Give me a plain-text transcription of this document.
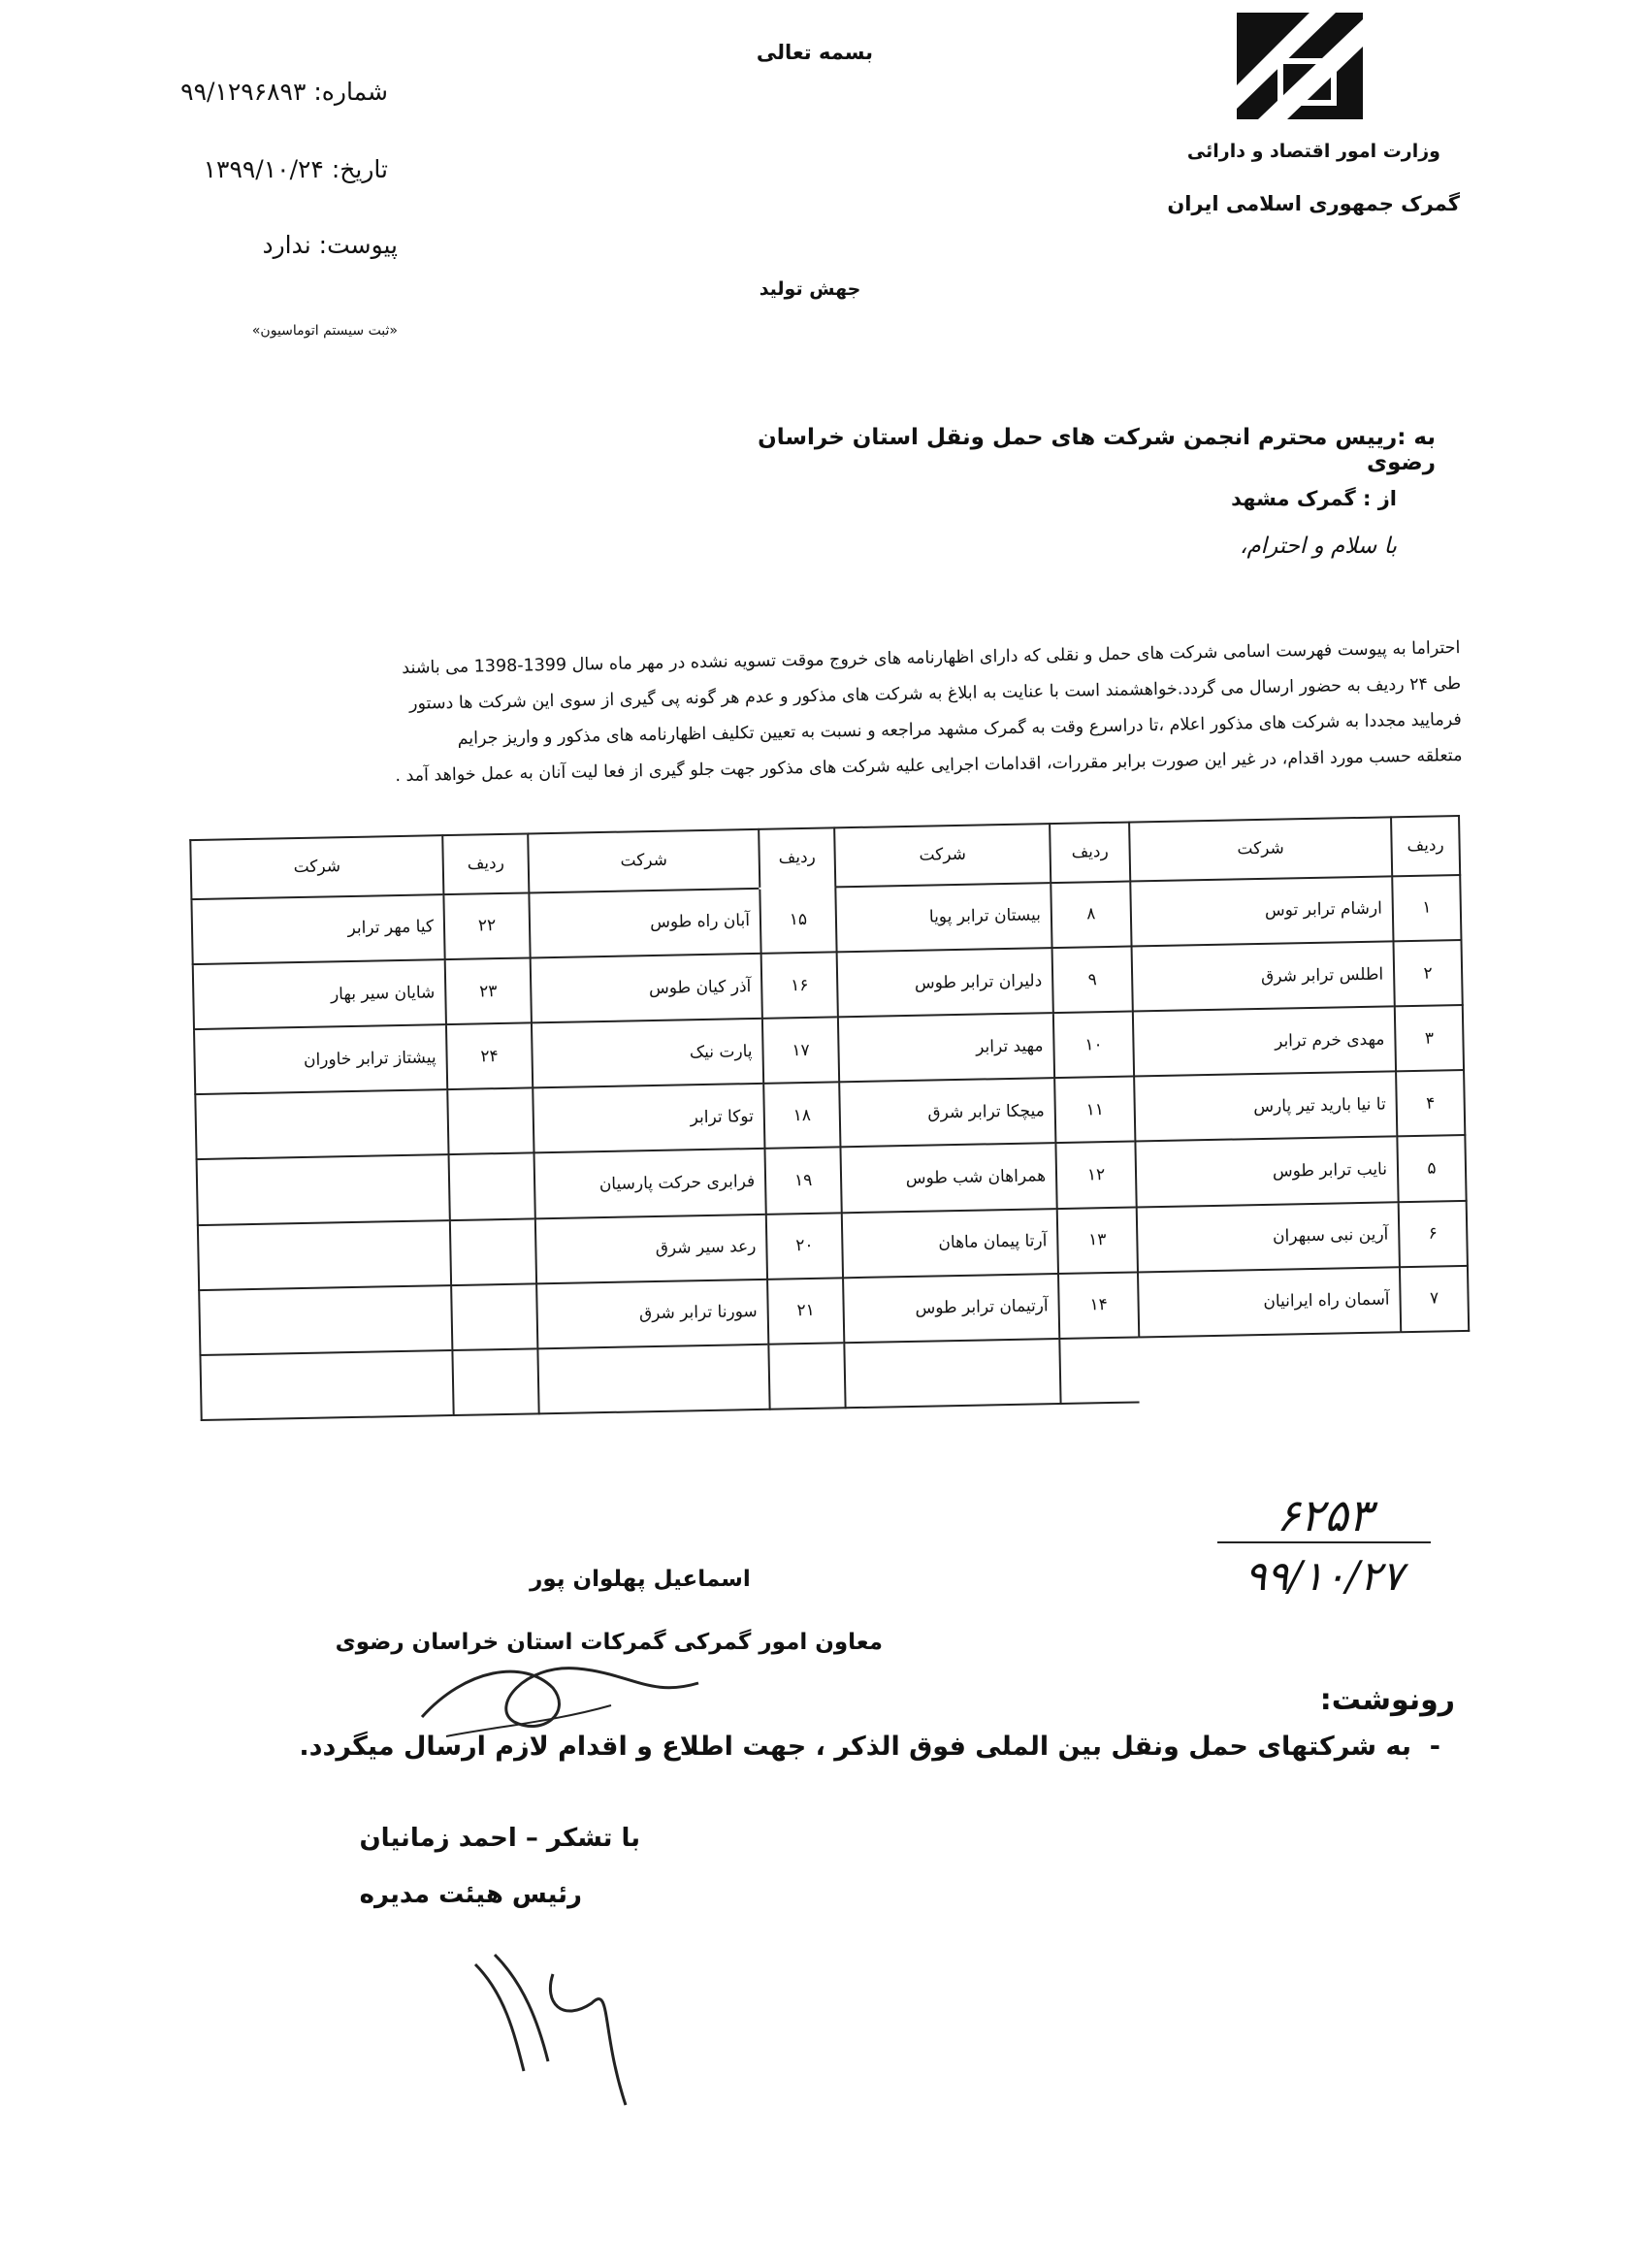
بسمه تعالی
وزارت امور اقتصاد و دارائی
گمرک جمهوری اسلامی ایران
شماره: ۹۹/۱۲۹۶۸۹۳
تاریخ: ۱۳۹۹/۱۰/۲۴
پیوست: ندارد
«ثبت سیستم اتوماسیون»
جهش تولید
به :رییس محترم انجمن شرکت های حمل ونقل استان خراسان رضوی
از : گمرک مشهد
با سلام و احترام،
احتراما به پیوست فهرست اسامی شرکت های حمل و نقلی که دارای اظهارنامه های خروج موقت تسویه نشده در مهر ماه سال 1399-1398 می باشند
طی ۲۴ ردیف به حضور ارسال می گردد.خواهشمند است با عنایت به ابلاغ به شرکت های مذکور و عدم هر گونه پی گیری از سوی این شرکت ها دستور
فرمایید مجددا به شرکت های مذکور اعلام ،تا دراسرع وقت به گمرک مشهد مراجعه و نسبت به تعیین تکلیف اظهارنامه های مذکور و واریز جرایم
متعلقه حسب مورد اقدام، در غیر این صورت برابر مقررات، اقدامات اجرایی علیه شرکت های مذکور جهت جلو گیری از فعا لیت آنان به عمل خواهد آمد .
ردیف	شرکت	ردیف	شرکت	ردیف	شرکت	ردیف	شرکت
۱	ارشام ترابر توس	۸	بیستان ترابر پویا	۱۵	آبان راه طوس	۲۲	کیا مهر ترابر
۲	اطلس ترابر شرق	۹	دلیران ترابر طوس	۱۶	آذر کیان طوس	۲۳	شایان سیر بهار
۳	مهدی خرم ترابر	۱۰	مهید ترابر	۱۷	پارت نیک	۲۴	پیشتاز ترابر خاوران
۴	تا نیا بارید تیر پارس	۱۱	میچکا ترابر شرق	۱۸	توکا ترابر		
۵	نایب ترابر طوس	۱۲	همراهان شب طوس	۱۹	فرابری حرکت پارسیان		
۶	آرین نبی سبهران	۱۳	آرتا پیمان ماهان	۲۰	رعد سیر شرق		
۷	آسمان راه ایرانیان	۱۴	آرتیمان ترابر طوس	۲۱	سورنا ترابر شرق		

۶۲۵۳
۹۹/۱۰/۲۷
اسماعیل پهلوان پور
معاون امور گمرکی گمرکات استان خراسان رضوی
رونوشت:
-  به شرکتهای حمل ونقل بین الملی فوق الذکر ، جهت اطلاع و اقدام لازم ارسال میگردد.
با تشکر – احمد زمانیان
رئیس هیئت مدیره
